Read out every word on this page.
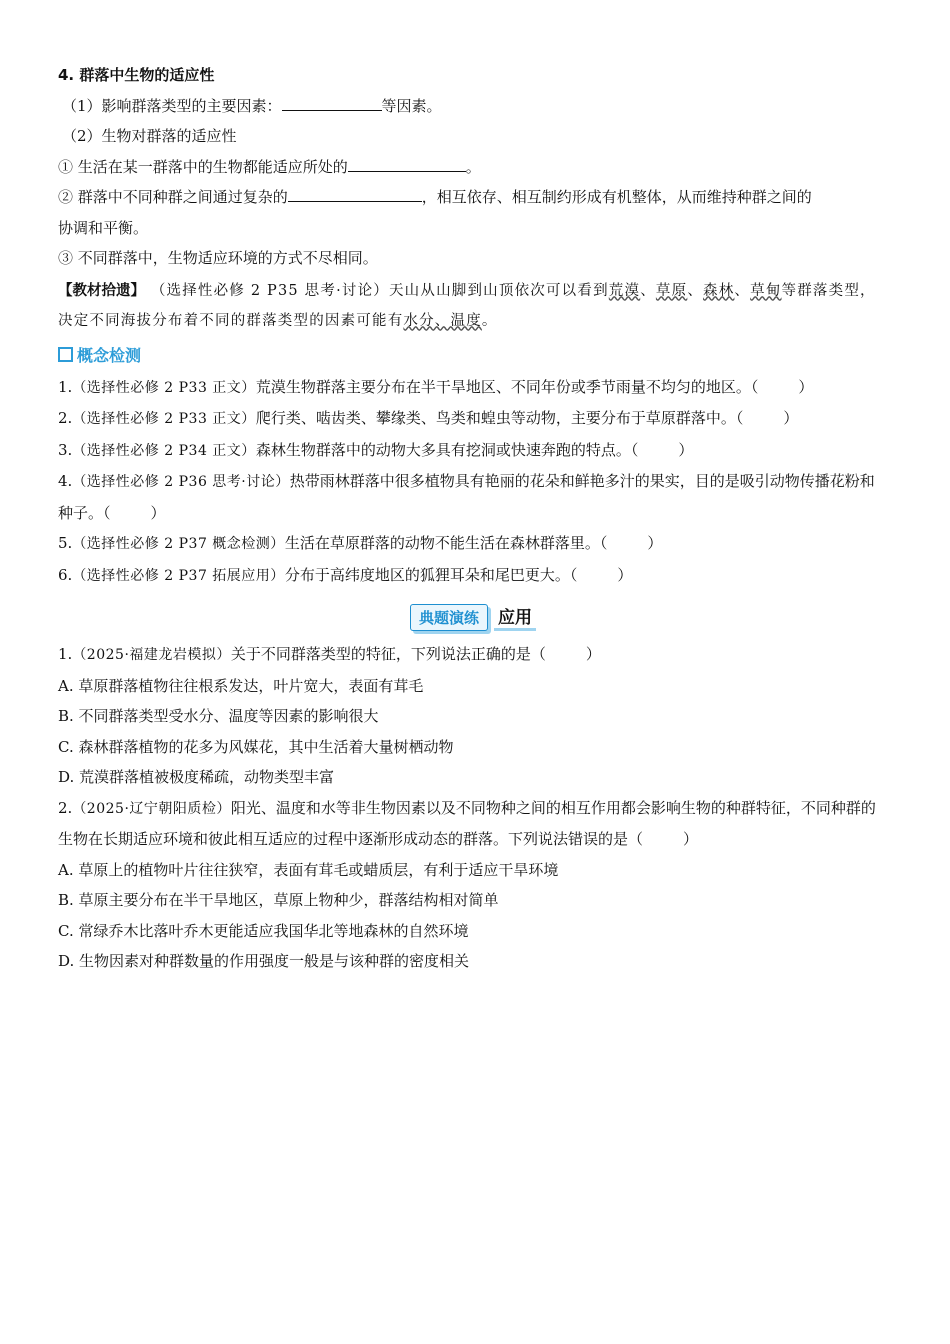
4. 群落中生物的适应性
（1）影响群落类型的主要因素：	等因素。
（2）生物对群落的适应性
① 生活在某一群落中的生物都能适应所处的	。
② 群落中不同种群之间通过复杂的	，相互依存、相互制约形成有机整体，从而维持种群之间的
协调和平衡。
③ 不同群落中，生物适应环境的方式不尽相同。
【教材拾遗】 （选择性必修 2 P35 思考·讨论）天山从山脚到山顶依次可以看到荒漠、草原、森林、草甸等群落类型，决定不同海拔分布着不同的群落类型的因素可能有水分、温度。
概念检测
1.（选择性必修 2 P33 正文）荒漠生物群落主要分布在半干旱地区、不同年份或季节雨量不均匀的地区。（	）
2.（选择性必修 2 P33 正文）爬行类、啮齿类、攀缘类、鸟类和蝗虫等动物，主要分布于草原群落中。（	）
3.（选择性必修 2 P34 正文）森林生物群落中的动物大多具有挖洞或快速奔跑的特点。（	）
4.（选择性必修 2 P36 思考·讨论）热带雨林群落中很多植物具有艳丽的花朵和鲜艳多汁的果实，目的是吸引动物传播花粉和种子。（	）
5.（选择性必修 2 P37 概念检测）生活在草原群落的动物不能生活在森林群落里。（	）
6.（选择性必修 2 P37 拓展应用）分布于高纬度地区的狐狸耳朵和尾巴更大。（	）
典题演练	应用
1.（2025·福建龙岩模拟）关于不同群落类型的特征，下列说法正确的是（	）
A. 草原群落植物往往根系发达，叶片宽大，表面有茸毛
B. 不同群落类型受水分、温度等因素的影响很大
C. 森林群落植物的花多为风媒花，其中生活着大量树栖动物
D. 荒漠群落植被极度稀疏，动物类型丰富
2.（2025·辽宁朝阳质检）阳光、温度和水等非生物因素以及不同物种之间的相互作用都会影响生物的种群特征，不同种群的生物在长期适应环境和彼此相互适应的过程中逐渐形成动态的群落。下列说法错误的是（	）
A. 草原上的植物叶片往往狭窄，表面有茸毛或蜡质层，有利于适应干旱环境
B. 草原主要分布在半干旱地区，草原上物种少，群落结构相对简单
C. 常绿乔木比落叶乔木更能适应我国华北等地森林的自然环境
D. 生物因素对种群数量的作用强度一般是与该种群的密度相关
